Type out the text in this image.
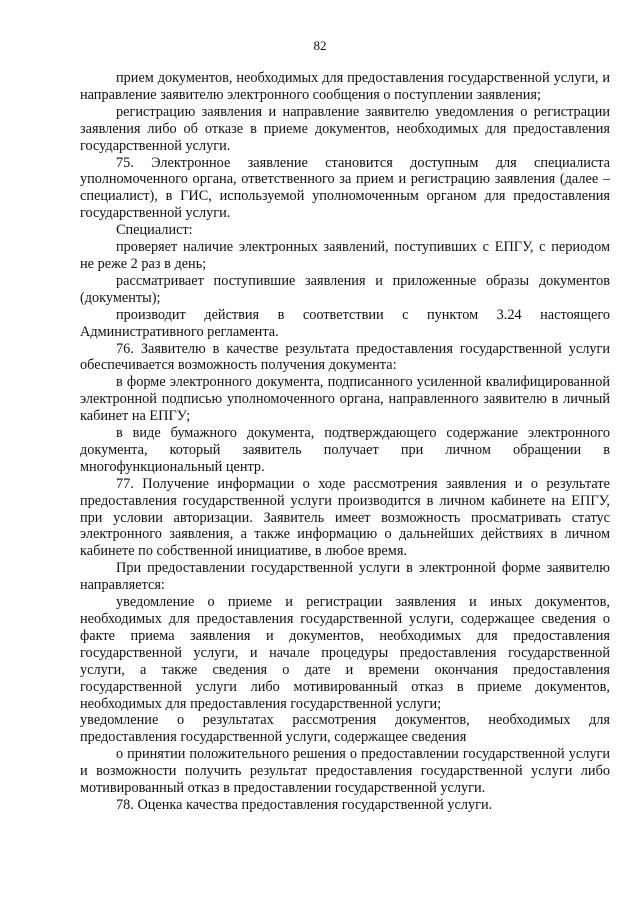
82

прием документов, необходимых для предоставления государственной услуги, и направление заявителю электронного сообщения о поступлении заявления;

регистрацию заявления и направление заявителю уведомления о регистрации заявления либо об отказе в приеме документов, необходимых для предоставления государственной услуги.

75. Электронное заявление становится доступным для специалиста уполномоченного органа, ответственного за прием и регистрацию заявления (далее – специалист), в ГИС, используемой уполномоченным органом для предоставления государственной услуги.

Специалист:

проверяет наличие электронных заявлений, поступивших с ЕПГУ, с периодом не реже 2 раз в день;

рассматривает поступившие заявления и приложенные образы документов (документы);

производит действия в соответствии с пунктом 3.24 настоящего Административного регламента.

76. Заявителю в качестве результата предоставления государственной услуги обеспечивается возможность получения документа:

в форме электронного документа, подписанного усиленной квалифицированной электронной подписью уполномоченного органа, направленного заявителю в личный кабинет на ЕПГУ;

в виде бумажного документа, подтверждающего содержание электронного документа, который заявитель получает при личном обращении в многофункциональный центр.

77. Получение информации о ходе рассмотрения заявления и о результате предоставления государственной услуги производится в личном кабинете на ЕПГУ, при условии авторизации. Заявитель имеет возможность просматривать статус электронного заявления, а также информацию о дальнейших действиях в личном кабинете по собственной инициативе, в любое время.

При предоставлении государственной услуги в электронной форме заявителю направляется:

уведомление о приеме и регистрации заявления и иных документов, необходимых для предоставления государственной услуги, содержащее сведения о факте приема заявления и документов, необходимых для предоставления государственной услуги, и начале процедуры предоставления государственной услуги, а также сведения о дате и времени окончания предоставления государственной услуги либо мотивированный отказ в приеме документов, необходимых для предоставления государственной услуги;

уведомление о результатах рассмотрения документов, необходимых для предоставления государственной услуги, содержащее сведения

о принятии положительного решения о предоставлении государственной услуги и возможности получить результат предоставления государственной услуги либо мотивированный отказ в предоставлении государственной услуги.

78. Оценка качества предоставления государственной услуги.
